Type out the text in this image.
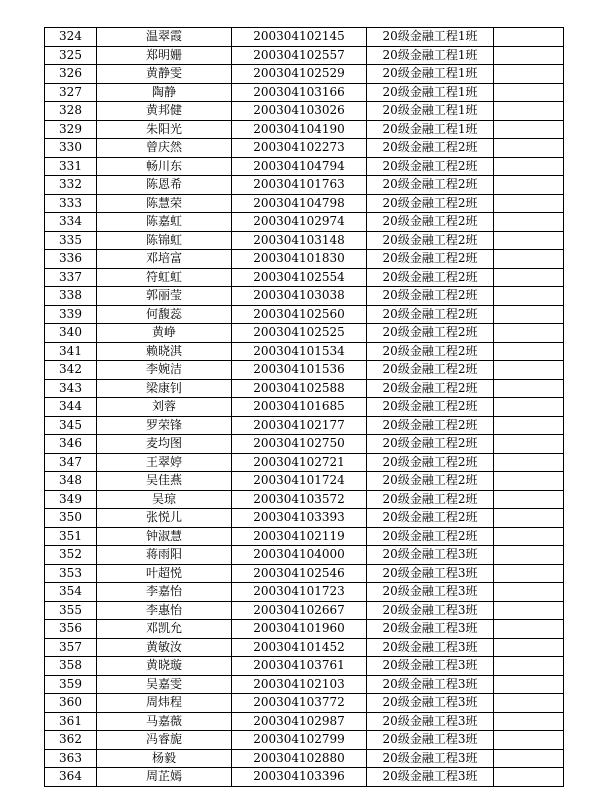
324	温翠霞	200304102145	20级金融工程1班	
325	郑明姗	200304102557	20级金融工程1班	
326	黄静雯	200304102529	20级金融工程1班	
327	陶静	200304103166	20级金融工程1班	
328	黄邦健	200304103026	20级金融工程1班	
329	朱阳光	200304104190	20级金融工程1班	
330	曾庆然	200304102273	20级金融工程2班	
331	畅川东	200304104794	20级金融工程2班	
332	陈恩希	200304101763	20级金融工程2班	
333	陈慧荣	200304104798	20级金融工程2班	
334	陈嘉虹	200304102974	20级金融工程2班	
335	陈锦虹	200304103148	20级金融工程2班	
336	邓培富	200304101830	20级金融工程2班	
337	符虹虹	200304102554	20级金融工程2班	
338	郭丽莹	200304103038	20级金融工程2班	
339	何馥蕊	200304102560	20级金融工程2班	
340	黄峥	200304102525	20级金融工程2班	
341	赖晓淇	200304101534	20级金融工程2班	
342	李婉洁	200304101536	20级金融工程2班	
343	梁康钊	200304102588	20级金融工程2班	
344	刘蓉	200304101685	20级金融工程2班	
345	罗荣锋	200304102177	20级金融工程2班	
346	麦均图	200304102750	20级金融工程2班	
347	王翠婷	200304102721	20级金融工程2班	
348	吴佳燕	200304101724	20级金融工程2班	
349	吴琼	200304103572	20级金融工程2班	
350	张悦儿	200304103393	20级金融工程2班	
351	钟淑慧	200304102119	20级金融工程2班	
352	蒋雨阳	200304104000	20级金融工程3班	
353	叶超悦	200304102546	20级金融工程3班	
354	李嘉怡	200304101723	20级金融工程3班	
355	李惠怡	200304102667	20级金融工程3班	
356	邓凯允	200304101960	20级金融工程3班	
357	黄敏汝	200304101452	20级金融工程3班	
358	黄晓璇	200304103761	20级金融工程3班	
359	吴嘉雯	200304102103	20级金融工程3班	
360	周炜程	200304103772	20级金融工程3班	
361	马嘉薇	200304102987	20级金融工程3班	
362	冯睿旎	200304102799	20级金融工程3班	
363	杨毅	200304102880	20级金融工程3班	
364	周芷嫣	200304103396	20级金融工程3班	
